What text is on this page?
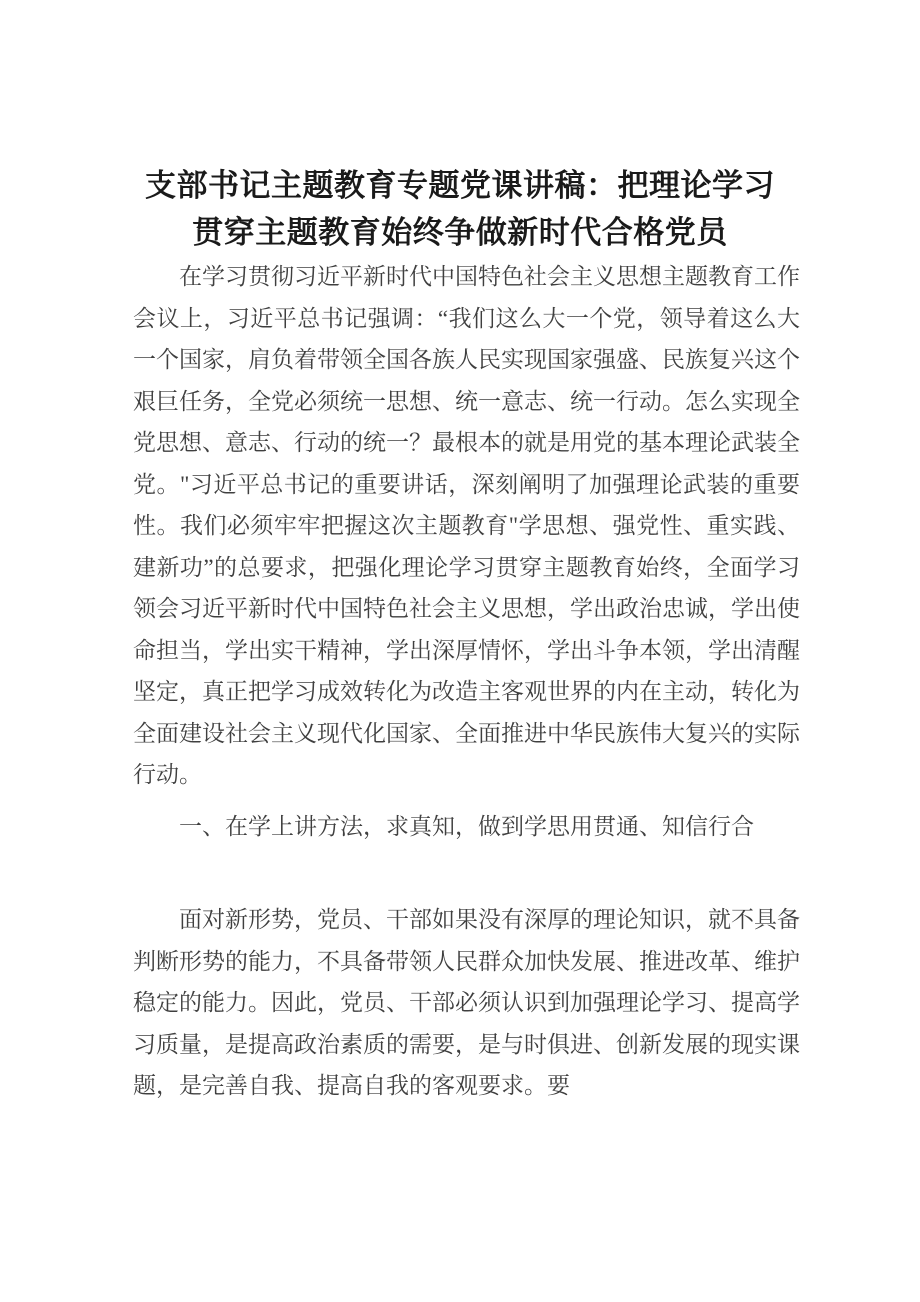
支部书记主题教育专题党课讲稿：把理论学习
贯穿主题教育始终争做新时代合格党员

在学习贯彻习近平新时代中国特色社会主义思想主题教育工作会议上，习近平总书记强调：“我们这么大一个党，领导着这么大一个国家，肩负着带领全国各族人民实现国家强盛、民族复兴这个艰巨任务，全党必须统一思想、统一意志、统一行动。怎么实现全党思想、意志、行动的统一？最根本的就是用党的基本理论武装全党。"习近平总书记的重要讲话，深刻阐明了加强理论武装的重要性。我们必须牢牢把握这次主题教育"学思想、强党性、重实践、建新功”的总要求，把强化理论学习贯穿主题教育始终，全面学习领会习近平新时代中国特色社会主义思想，学出政治忠诚，学出使命担当，学出实干精神，学出深厚情怀，学出斗争本领，学出清醒坚定，真正把学习成效转化为改造主客观世界的内在主动，转化为全面建设社会主义现代化国家、全面推进中华民族伟大复兴的实际行动。

一、在学上讲方法，求真知，做到学思用贯通、知信行合

面对新形势，党员、干部如果没有深厚的理论知识，就不具备判断形势的能力，不具备带领人民群众加快发展、推进改革、维护稳定的能力。因此，党员、干部必须认识到加强理论学习、提高学习质量，是提高政治素质的需要，是与时俱进、创新发展的现实课题，是完善自我、提高自我的客观要求。要
